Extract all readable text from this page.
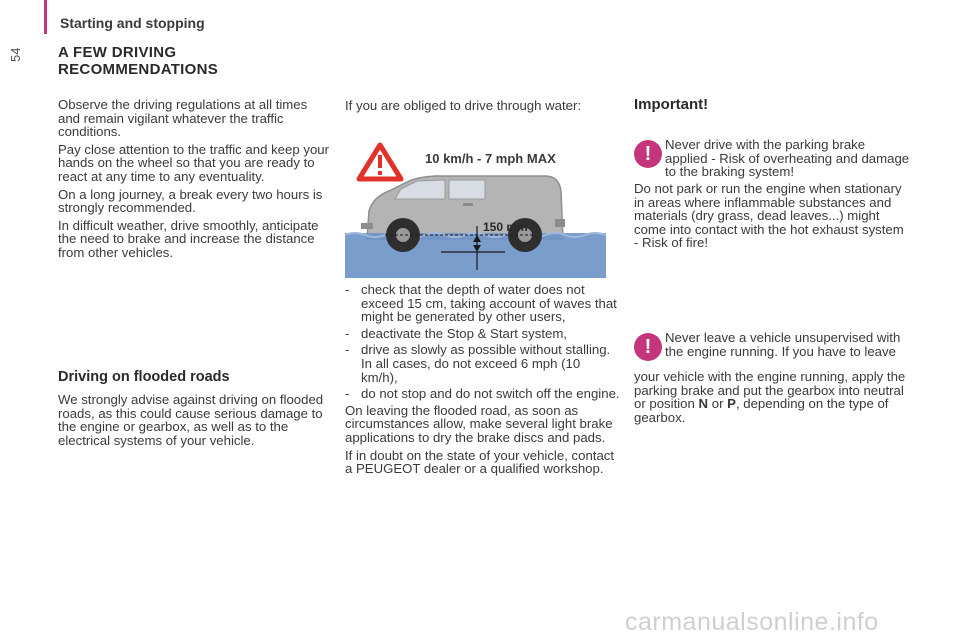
54
Starting and stopping
A FEW DRIVING RECOMMENDATIONS

Observe the driving regulations at all times and remain vigilant whatever the traffic conditions.

Pay close attention to the traffic and keep your hands on the wheel so that you are ready to react at any time to any eventuality.

On a long journey, a break every two hours is strongly recommended.

In difficult weather, drive smoothly, anticipate the need to brake and increase the distance from other vehicles.

Driving on flooded roads

We strongly advise against driving on flooded roads, as this could cause serious damage to the engine or gearbox, as well as to the electrical systems of your vehicle.

If you are obliged to drive through water:

10 km/h - 7 mph MAX
150 mm
- check that the depth of water does not exceed 15 cm, taking account of waves that might be generated by other users,
- deactivate the Stop & Start system,
- drive as slowly as possible without stalling. In all cases, do not exceed 6 mph (10 km/h),
- do not stop and do not switch off the engine.

On leaving the flooded road, as soon as circumstances allow, make several light brake applications to dry the brake discs and pads.

If in doubt on the state of your vehicle, contact a PEUGEOT dealer or a qualified workshop.

Important!
!	Never drive with the parking brake applied - Risk of overheating and damage to the braking system!

Do not park or run the engine when stationary in areas where inflammable substances and materials (dry grass, dead leaves...) might come into contact with the hot exhaust system - Risk of fire!

!	Never leave a vehicle unsupervised with the engine running. If you have to leave

your vehicle with the engine running, apply the parking brake and put the gearbox into neutral or position N or P, depending on the type of gearbox.

carmanualsonline.info
